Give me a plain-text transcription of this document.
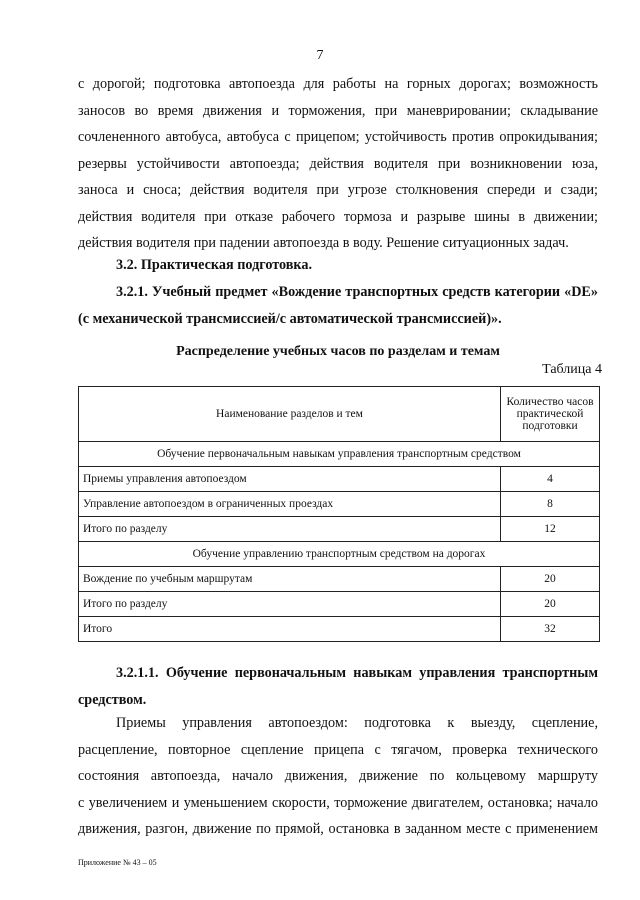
7

с дорогой; подготовка автопоезда для работы на горных дорогах; возможность

заносов во время движения и торможения, при маневрировании; складывание

сочлененного автобуса, автобуса с прицепом; устойчивость против опрокидывания;

резервы устойчивости автопоезда; действия водителя при возникновении юза,

заноса и сноса; действия водителя при угрозе столкновения спереди и сзади;

действия водителя при отказе рабочего тормоза и разрыве шины в движении;

действия водителя при падении автопоезда в воду. Решение ситуационных задач.

3.2. Практическая подготовка.
3.2.1. Учебный предмет «Вождение транспортных средств категории «DE» (с механической трансмиссией/с автоматической трансмиссией)».
Распределение учебных часов по разделам и темам
Таблица 4
Наименование разделов и тем	Количество часов практической подготовки
Обучение первоначальным навыкам управления транспортным средством	
Приемы управления автопоездом	4
Управление автопоездом в ограниченных проездах	8
Итого по разделу	12
Обучение управлению транспортным средством на дорогах	
Вождение по учебным маршрутам	20
Итого по разделу	20
Итого	32
3.2.1.1. Обучение первоначальным навыкам управления транспортным средством.

Приемы управления автопоездом: подготовка к выезду, сцепление,

расцепление, повторное сцепление прицепа с тягачом, проверка технического

состояния автопоезда, начало движения, движение по кольцевому маршруту

с увеличением и уменьшением скорости, торможение двигателем, остановка; начало

движения, разгон, движение по прямой, остановка в заданном месте с применением

Приложение № 43 – 05
